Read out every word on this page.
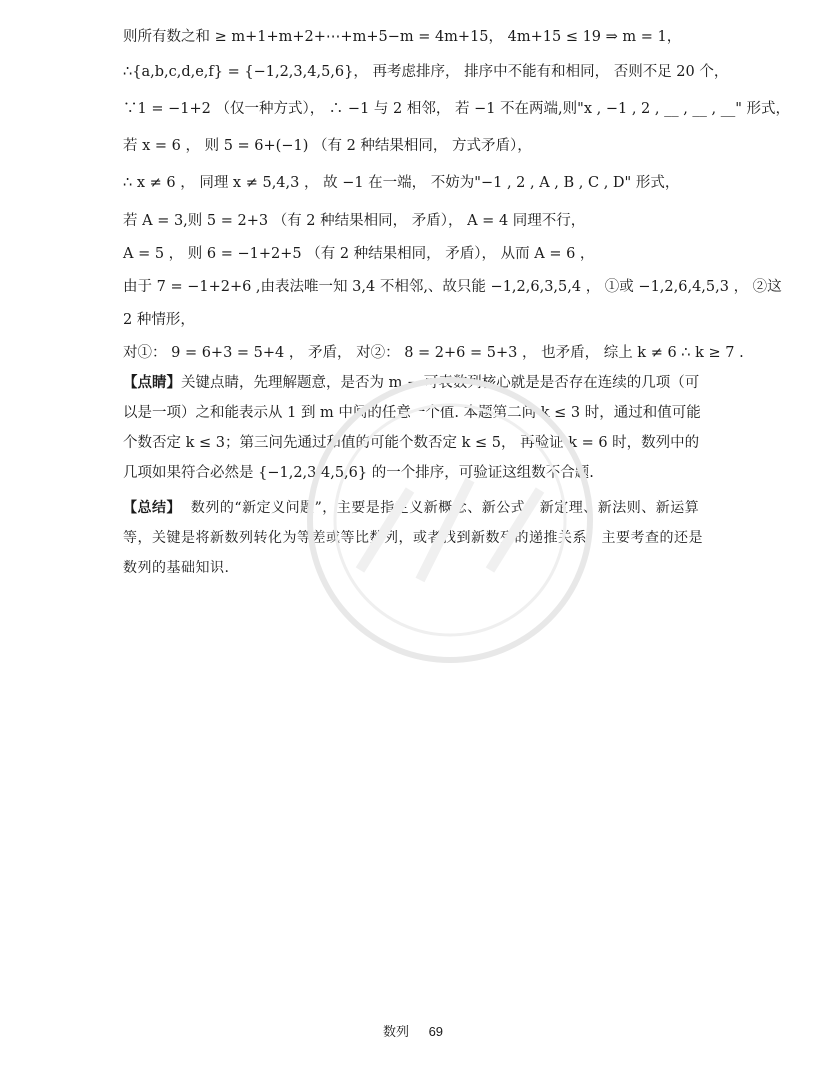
则所有数之和 ≥ m+1+m+2+⋯+m+5−m = 4m+15， 4m+15 ≤ 19 ⇒ m = 1，
∴{a,b,c,d,e,f} = {−1,2,3,4,5,6}， 再考虑排序， 排序中不能有和相同， 否则不足 20 个，
∵1 = −1+2 （仅一种方式）， ∴ −1 与 2 相邻， 若 −1 不在两端,则"x , −1 , 2 , __ , __ , __" 形式，
若 x = 6 ， 则 5 = 6+(−1) （有 2 种结果相同， 方式矛盾），
∴ x ≠ 6 ， 同理 x ≠ 5,4,3 ， 故 −1 在一端， 不妨为"−1 , 2 , A , B , C , D" 形式，
若 A = 3,则 5 = 2+3 （有 2 种结果相同， 矛盾）， A = 4 同理不行，
A = 5 ， 则 6 = −1+2+5 （有 2 种结果相同， 矛盾）， 从而 A = 6 ，
由于 7 = −1+2+6 ,由表法唯一知 3,4 不相邻,、故只能 −1,2,6,3,5,4 ， ①或 −1,2,6,4,5,3 ， ②这
2 种情形，
对①： 9 = 6+3 = 5+4 ， 矛盾， 对②： 8 = 2+6 = 5+3 ， 也矛盾， 综上 k ≠ 6 ∴ k ≥ 7 .
【点睛】关键点睛，先理解题意，是否为 m − 可表数列核心就是是否存在连续的几项（可以是一项）之和能表示从 1 到 m 中间的任意一个值. 本题第二问 k ≤ 3 时，通过和值可能个数否定 k ≤ 3；第三问先通过和值的可能个数否定 k ≤ 5， 再验证 k = 6 时，数列中的几项如果符合必然是 {−1,2,3,4,5,6} 的一个排序，可验证这组数不合题.
【总结】 数列的“新定义问题”，主要是指定义新概念、新公式、新定理、新法则、新运算等，关键是将新数列转化为等差或等比数列，或者找到新数列的递推关系，主要考查的还是数列的基础知识.
数列 69
